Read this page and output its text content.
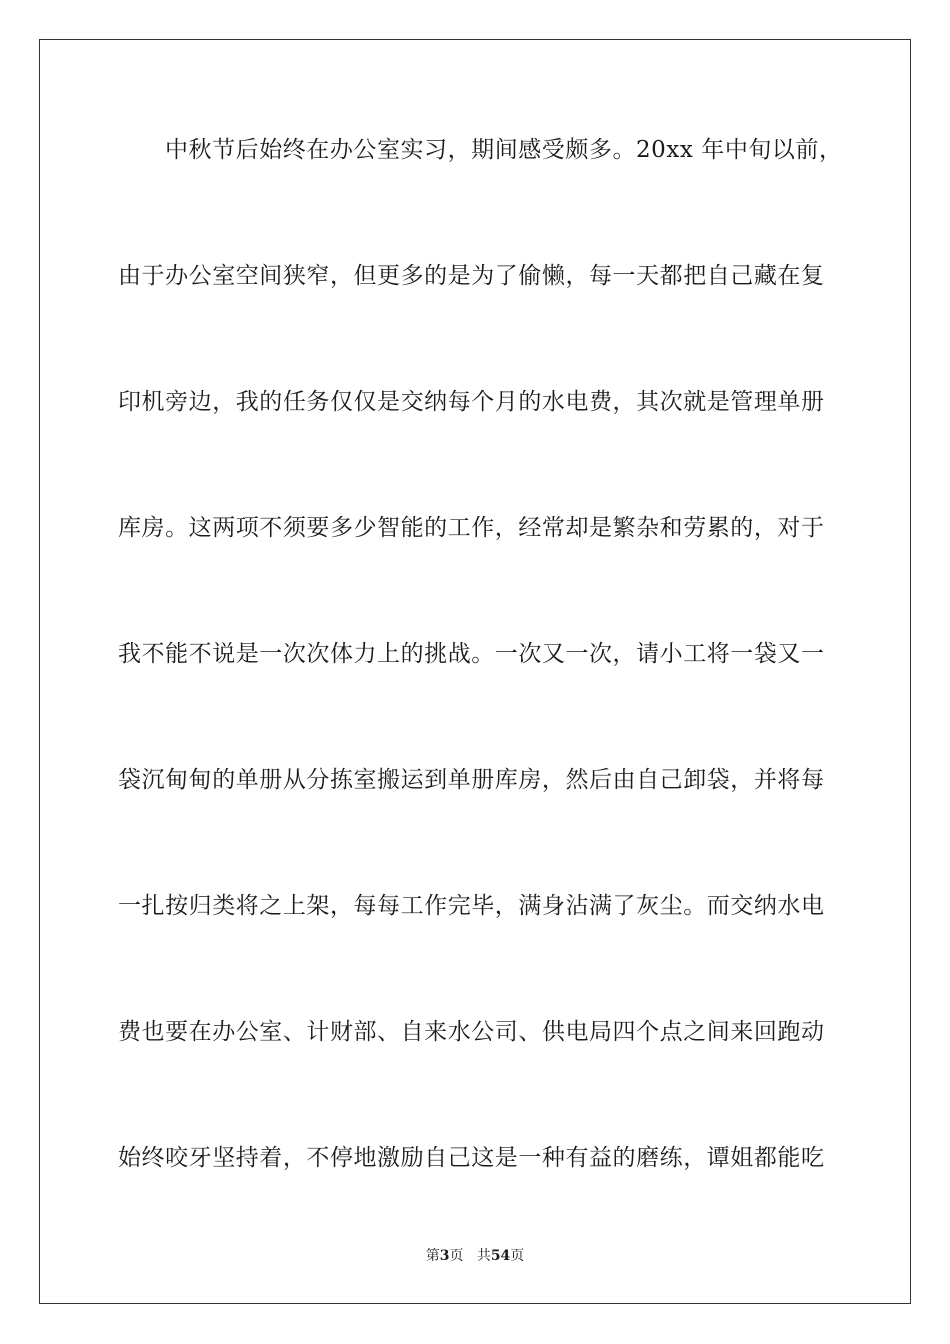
中秋节后始终在办公室实习，期间感受颇多。20xx 年中旬以前，
由于办公室空间狭窄，但更多的是为了偷懒，每一天都把自己藏在复
印机旁边，我的任务仅仅是交纳每个月的水电费，其次就是管理单册
库房。这两项不须要多少智能的工作，经常却是繁杂和劳累的，对于
我不能不说是一次次体力上的挑战。一次又一次，请小工将一袋又一
袋沉甸甸的单册从分拣室搬运到单册库房，然后由自己卸袋，并将每
一扎按归类将之上架，每每工作完毕，满身沾满了灰尘。而交纳水电
费也要在办公室、计财部、自来水公司、供电局四个点之间来回跑动
始终咬牙坚持着，不停地激励自己这是一种有益的磨练，谭姐都能吃
第3页 共54页
